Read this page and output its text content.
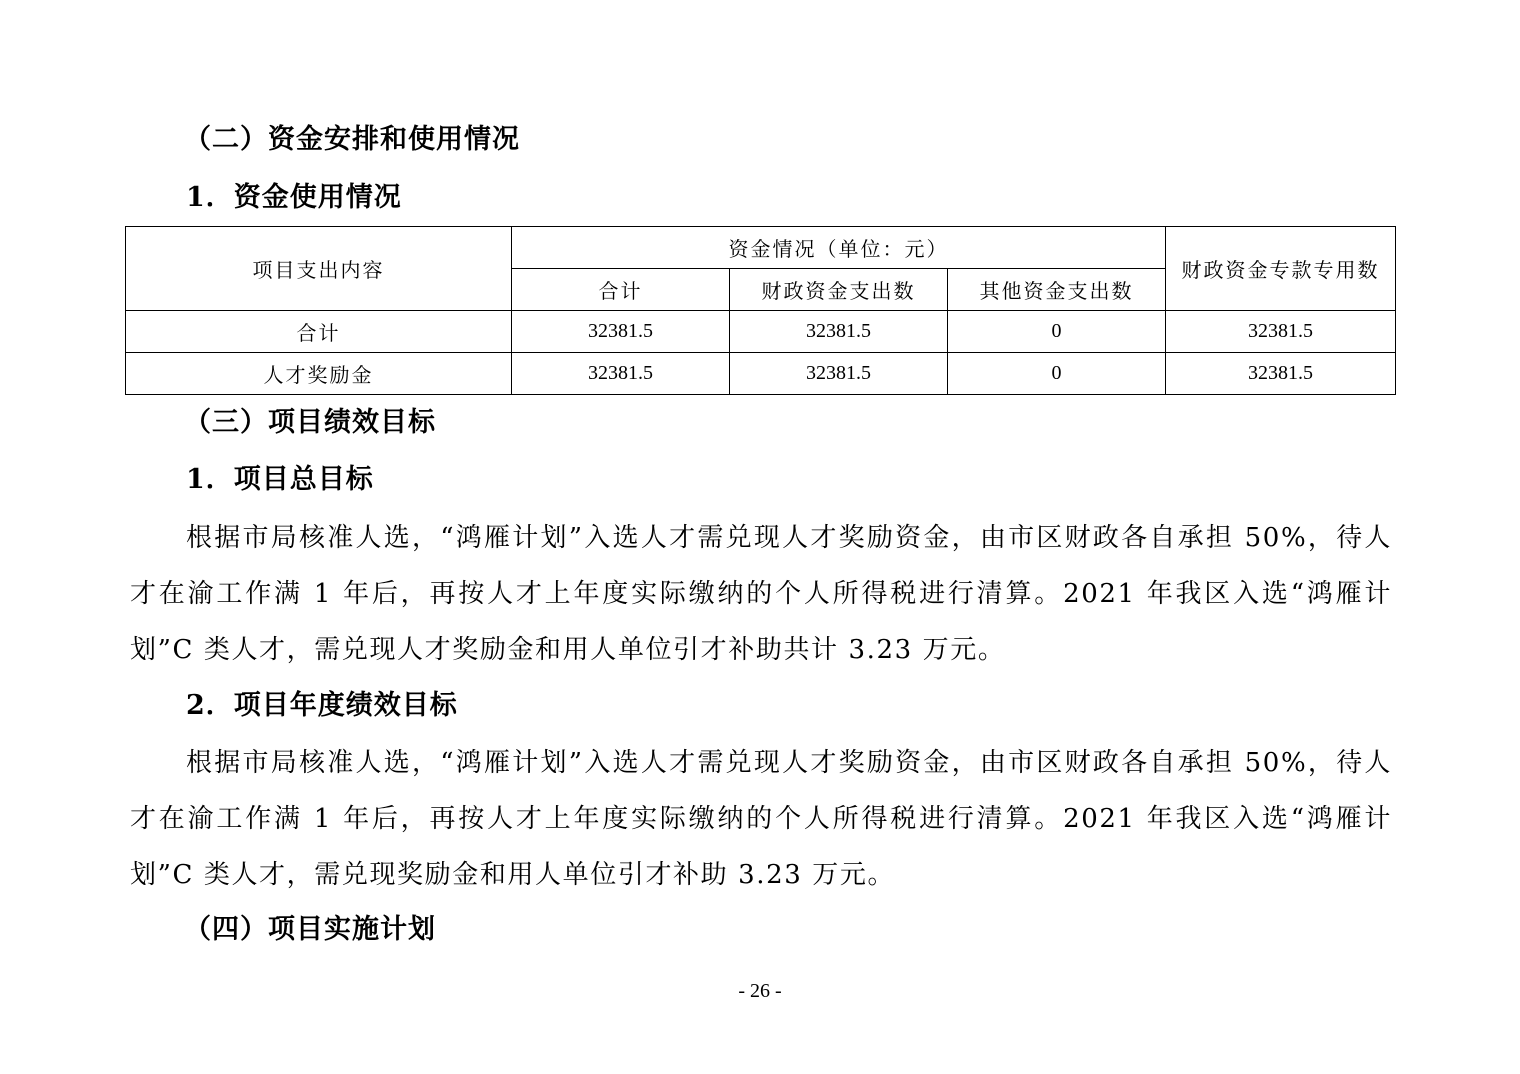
（二）资金安排和使用情况
1．资金使用情况
项目支出内容	资金情况（单位：元）			财政资金专款专用数
	合计	财政资金支出数	其他资金支出数	
合计	32381.5	32381.5	0	32381.5
人才奖励金	32381.5	32381.5	0	32381.5
（三）项目绩效目标
1．项目总目标
根据市局核准人选，“鸿雁计划”入选人才需兑现人才奖励资金，由市区财政各自承担 50%，待人才在渝工作满 1 年后，再按人才上年度实际缴纳的个人所得税进行清算。2021 年我区入选“鸿雁计划”C 类人才，需兑现人才奖励金和用人单位引才补助共计 3.23 万元。
2．项目年度绩效目标
根据市局核准人选，“鸿雁计划”入选人才需兑现人才奖励资金，由市区财政各自承担 50%，待人才在渝工作满 1 年后，再按人才上年度实际缴纳的个人所得税进行清算。2021 年我区入选“鸿雁计划”C 类人才，需兑现奖励金和用人单位引才补助 3.23 万元。
（四）项目实施计划
- 26 -
